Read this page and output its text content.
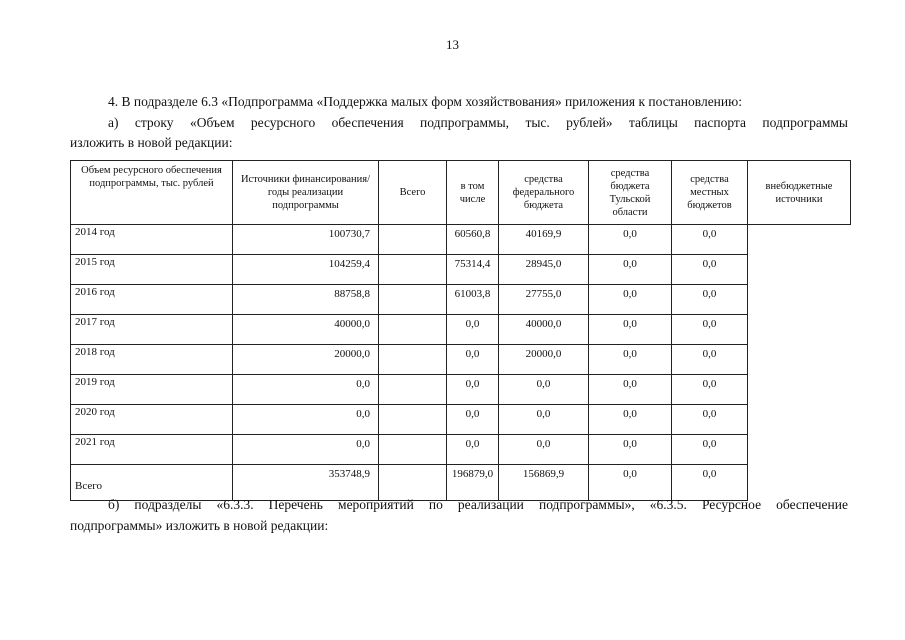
13
4. В подразделе 6.3 «Подпрограмма «Поддержка малых форм хозяйствования» приложения к постановлению:
а) строку «Объем ресурсного обеспечения подпрограммы, тыс. рублей» таблицы паспорта подпрограммы
изложить в новой редакции:
Объем ресурсного обеспечения подпрограммы, тыс. рублей	Источники финансирования/ годы реализации подпрограммы	Всего	в том числе	средства федерального бюджета	средства бюджета Тульской области	средства местных бюджетов	внебюджетные источники
2014 год	100730,7		60560,8	40169,9	0,0	0,0	
2015 год	104259,4		75314,4	28945,0	0,0	0,0	
2016 год	88758,8		61003,8	27755,0	0,0	0,0	
2017 год	40000,0		0,0	40000,0	0,0	0,0	
2018 год	20000,0		0,0	20000,0	0,0	0,0	
2019 год	0,0		0,0	0,0	0,0	0,0	
2020 год	0,0		0,0	0,0	0,0	0,0	
2021 год	0,0		0,0	0,0	0,0	0,0	
Всего	353748,9		196879,0	156869,9	0,0	0,0	
б) подразделы «6.3.3. Перечень мероприятий по реализации подпрограммы», «6.3.5. Ресурсное обеспечение
подпрограммы» изложить в новой редакции:
